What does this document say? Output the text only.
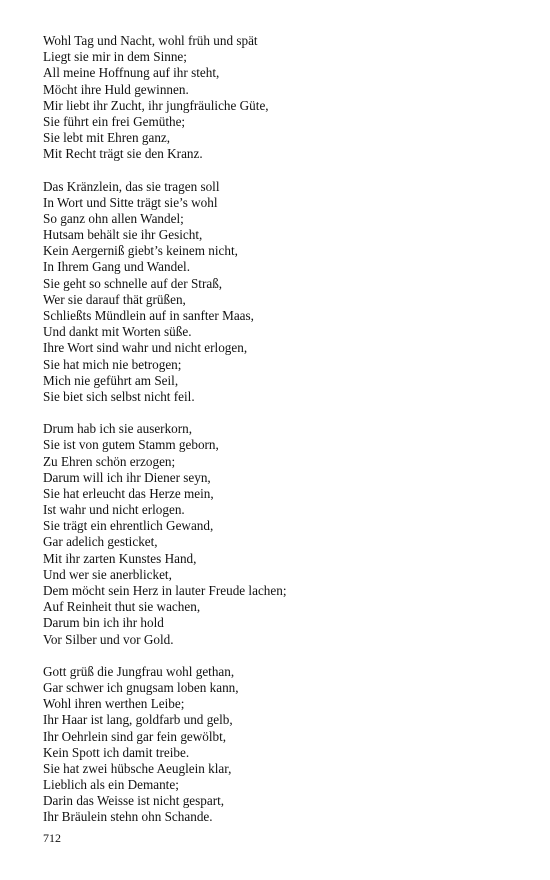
Wohl Tag und Nacht, wohl früh und spät
Liegt sie mir in dem Sinne;
All meine Hoffnung auf ihr steht,
Möcht ihre Huld gewinnen.
Mir liebt ihr Zucht, ihr jungfräuliche Güte,
Sie führt ein frei Gemüthe;
Sie lebt mit Ehren ganz,
Mit Recht trägt sie den Kranz.
Das Kränzlein, das sie tragen soll
In Wort und Sitte trägt sie’s wohl
So ganz ohn allen Wandel;
Hutsam behält sie ihr Gesicht,
Kein Aergerniß giebt’s keinem nicht,
In Ihrem Gang und Wandel.
Sie geht so schnelle auf der Straß,
Wer sie darauf thät grüßen,
Schließts Mündlein auf in sanfter Maas,
Und dankt mit Worten süße.
Ihre Wort sind wahr und nicht erlogen,
Sie hat mich nie betrogen;
Mich nie geführt am Seil,
Sie biet sich selbst nicht feil.
Drum hab ich sie auserkorn,
Sie ist von gutem Stamm geborn,
Zu Ehren schön erzogen;
Darum will ich ihr Diener seyn,
Sie hat erleucht das Herze mein,
Ist wahr und nicht erlogen.
Sie trägt ein ehrentlich Gewand,
Gar adelich gesticket,
Mit ihr zarten Kunstes Hand,
Und wer sie anerblicket,
Dem möcht sein Herz in lauter Freude lachen;
Auf Reinheit thut sie wachen,
Darum bin ich ihr hold
Vor Silber und vor Gold.
Gott grüß die Jungfrau wohl gethan,
Gar schwer ich gnugsam loben kann,
Wohl ihren werthen Leibe;
Ihr Haar ist lang, goldfarb und gelb,
Ihr Oehrlein sind gar fein gewölbt,
Kein Spott ich damit treibe.
Sie hat zwei hübsche Aeuglein klar,
Lieblich als ein Demante;
Darin das Weisse ist nicht gespart,
Ihr Bräulein stehn ohn Schande.
712
